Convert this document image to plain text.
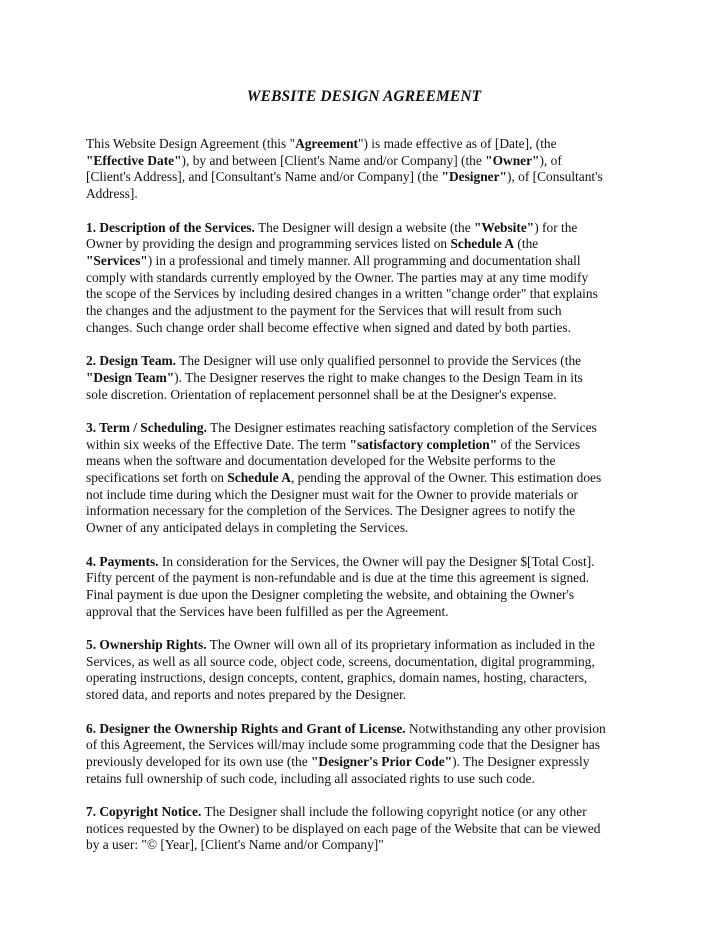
WEBSITE DESIGN AGREEMENT

This Website Design Agreement (this "Agreement") is made effective as of [Date], (the
"Effective Date"), by and between [Client's Name and/or Company] (the "Owner"), of
[Client's Address], and [Consultant's Name and/or Company] (the "Designer"), of [Consultant's
Address].

1. Description of the Services. The Designer will design a website (the "Website") for the
Owner by providing the design and programming services listed on Schedule A (the
"Services") in a professional and timely manner. All programming and documentation shall
comply with standards currently employed by the Owner. The parties may at any time modify
the scope of the Services by including desired changes in a written "change order" that explains
the changes and the adjustment to the payment for the Services that will result from such
changes. Such change order shall become effective when signed and dated by both parties.

2. Design Team. The Designer will use only qualified personnel to provide the Services (the
"Design Team"). The Designer reserves the right to make changes to the Design Team in its
sole discretion. Orientation of replacement personnel shall be at the Designer's expense.

3. Term / Scheduling. The Designer estimates reaching satisfactory completion of the Services
within six weeks of the Effective Date. The term "satisfactory completion" of the Services
means when the software and documentation developed for the Website performs to the
specifications set forth on Schedule A, pending the approval of the Owner. This estimation does
not include time during which the Designer must wait for the Owner to provide materials or
information necessary for the completion of the Services. The Designer agrees to notify the
Owner of any anticipated delays in completing the Services.

4. Payments. In consideration for the Services, the Owner will pay the Designer $[Total Cost].
Fifty percent of the payment is non-refundable and is due at the time this agreement is signed.
Final payment is due upon the Designer completing the website, and obtaining the Owner's
approval that the Services have been fulfilled as per the Agreement.

5. Ownership Rights. The Owner will own all of its proprietary information as included in the
Services, as well as all source code, object code, screens, documentation, digital programming,
operating instructions, design concepts, content, graphics, domain names, hosting, characters,
stored data, and reports and notes prepared by the Designer.

6. Designer the Ownership Rights and Grant of License. Notwithstanding any other provision
of this Agreement, the Services will/may include some programming code that the Designer has
previously developed for its own use (the "Designer's Prior Code"). The Designer expressly
retains full ownership of such code, including all associated rights to use such code.

7. Copyright Notice. The Designer shall include the following copyright notice (or any other
notices requested by the Owner) to be displayed on each page of the Website that can be viewed
by a user: "© [Year], [Client's Name and/or Company]"
